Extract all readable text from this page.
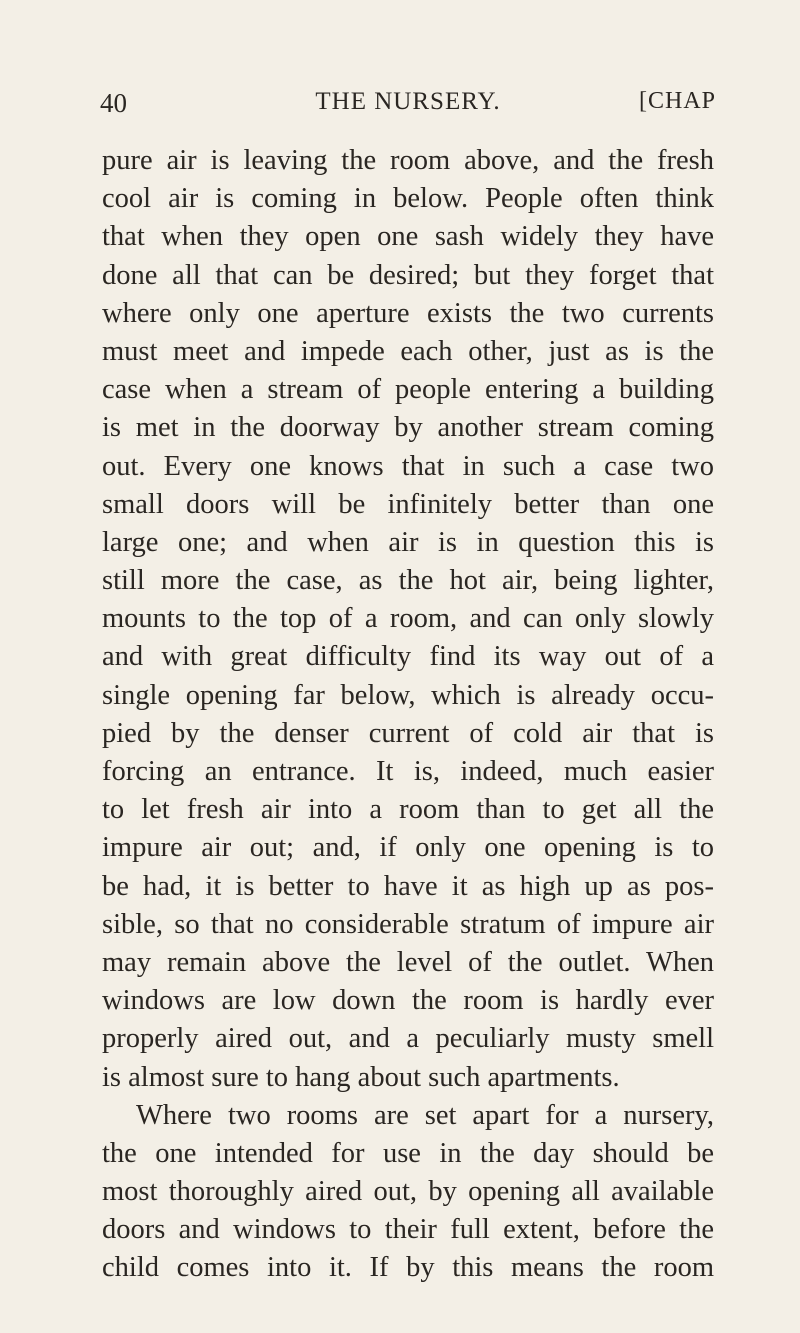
40	THE NURSERY.	[CHAP
pure air is leaving the room above, and the fresh
cool air is coming in below. People often think
that when they open one sash widely they have
done all that can be desired; but they forget that
where only one aperture exists the two currents
must meet and impede each other, just as is the
case when a stream of people entering a building
is met in the doorway by another stream coming
out. Every one knows that in such a case two
small doors will be infinitely better than one
large one; and when air is in question this is
still more the case, as the hot air, being lighter,
mounts to the top of a room, and can only slowly
and with great difficulty find its way out of a
single opening far below, which is already occu-
pied by the denser current of cold air that is
forcing an entrance. It is, indeed, much easier
to let fresh air into a room than to get all the
impure air out; and, if only one opening is to
be had, it is better to have it as high up as pos-
sible, so that no considerable stratum of impure air
may remain above the level of the outlet. When
windows are low down the room is hardly ever
properly aired out, and a peculiarly musty smell
is almost sure to hang about such apartments.
Where two rooms are set apart for a nursery,
the one intended for use in the day should be
most thoroughly aired out, by opening all available
doors and windows to their full extent, before the
child comes into it. If by this means the room
